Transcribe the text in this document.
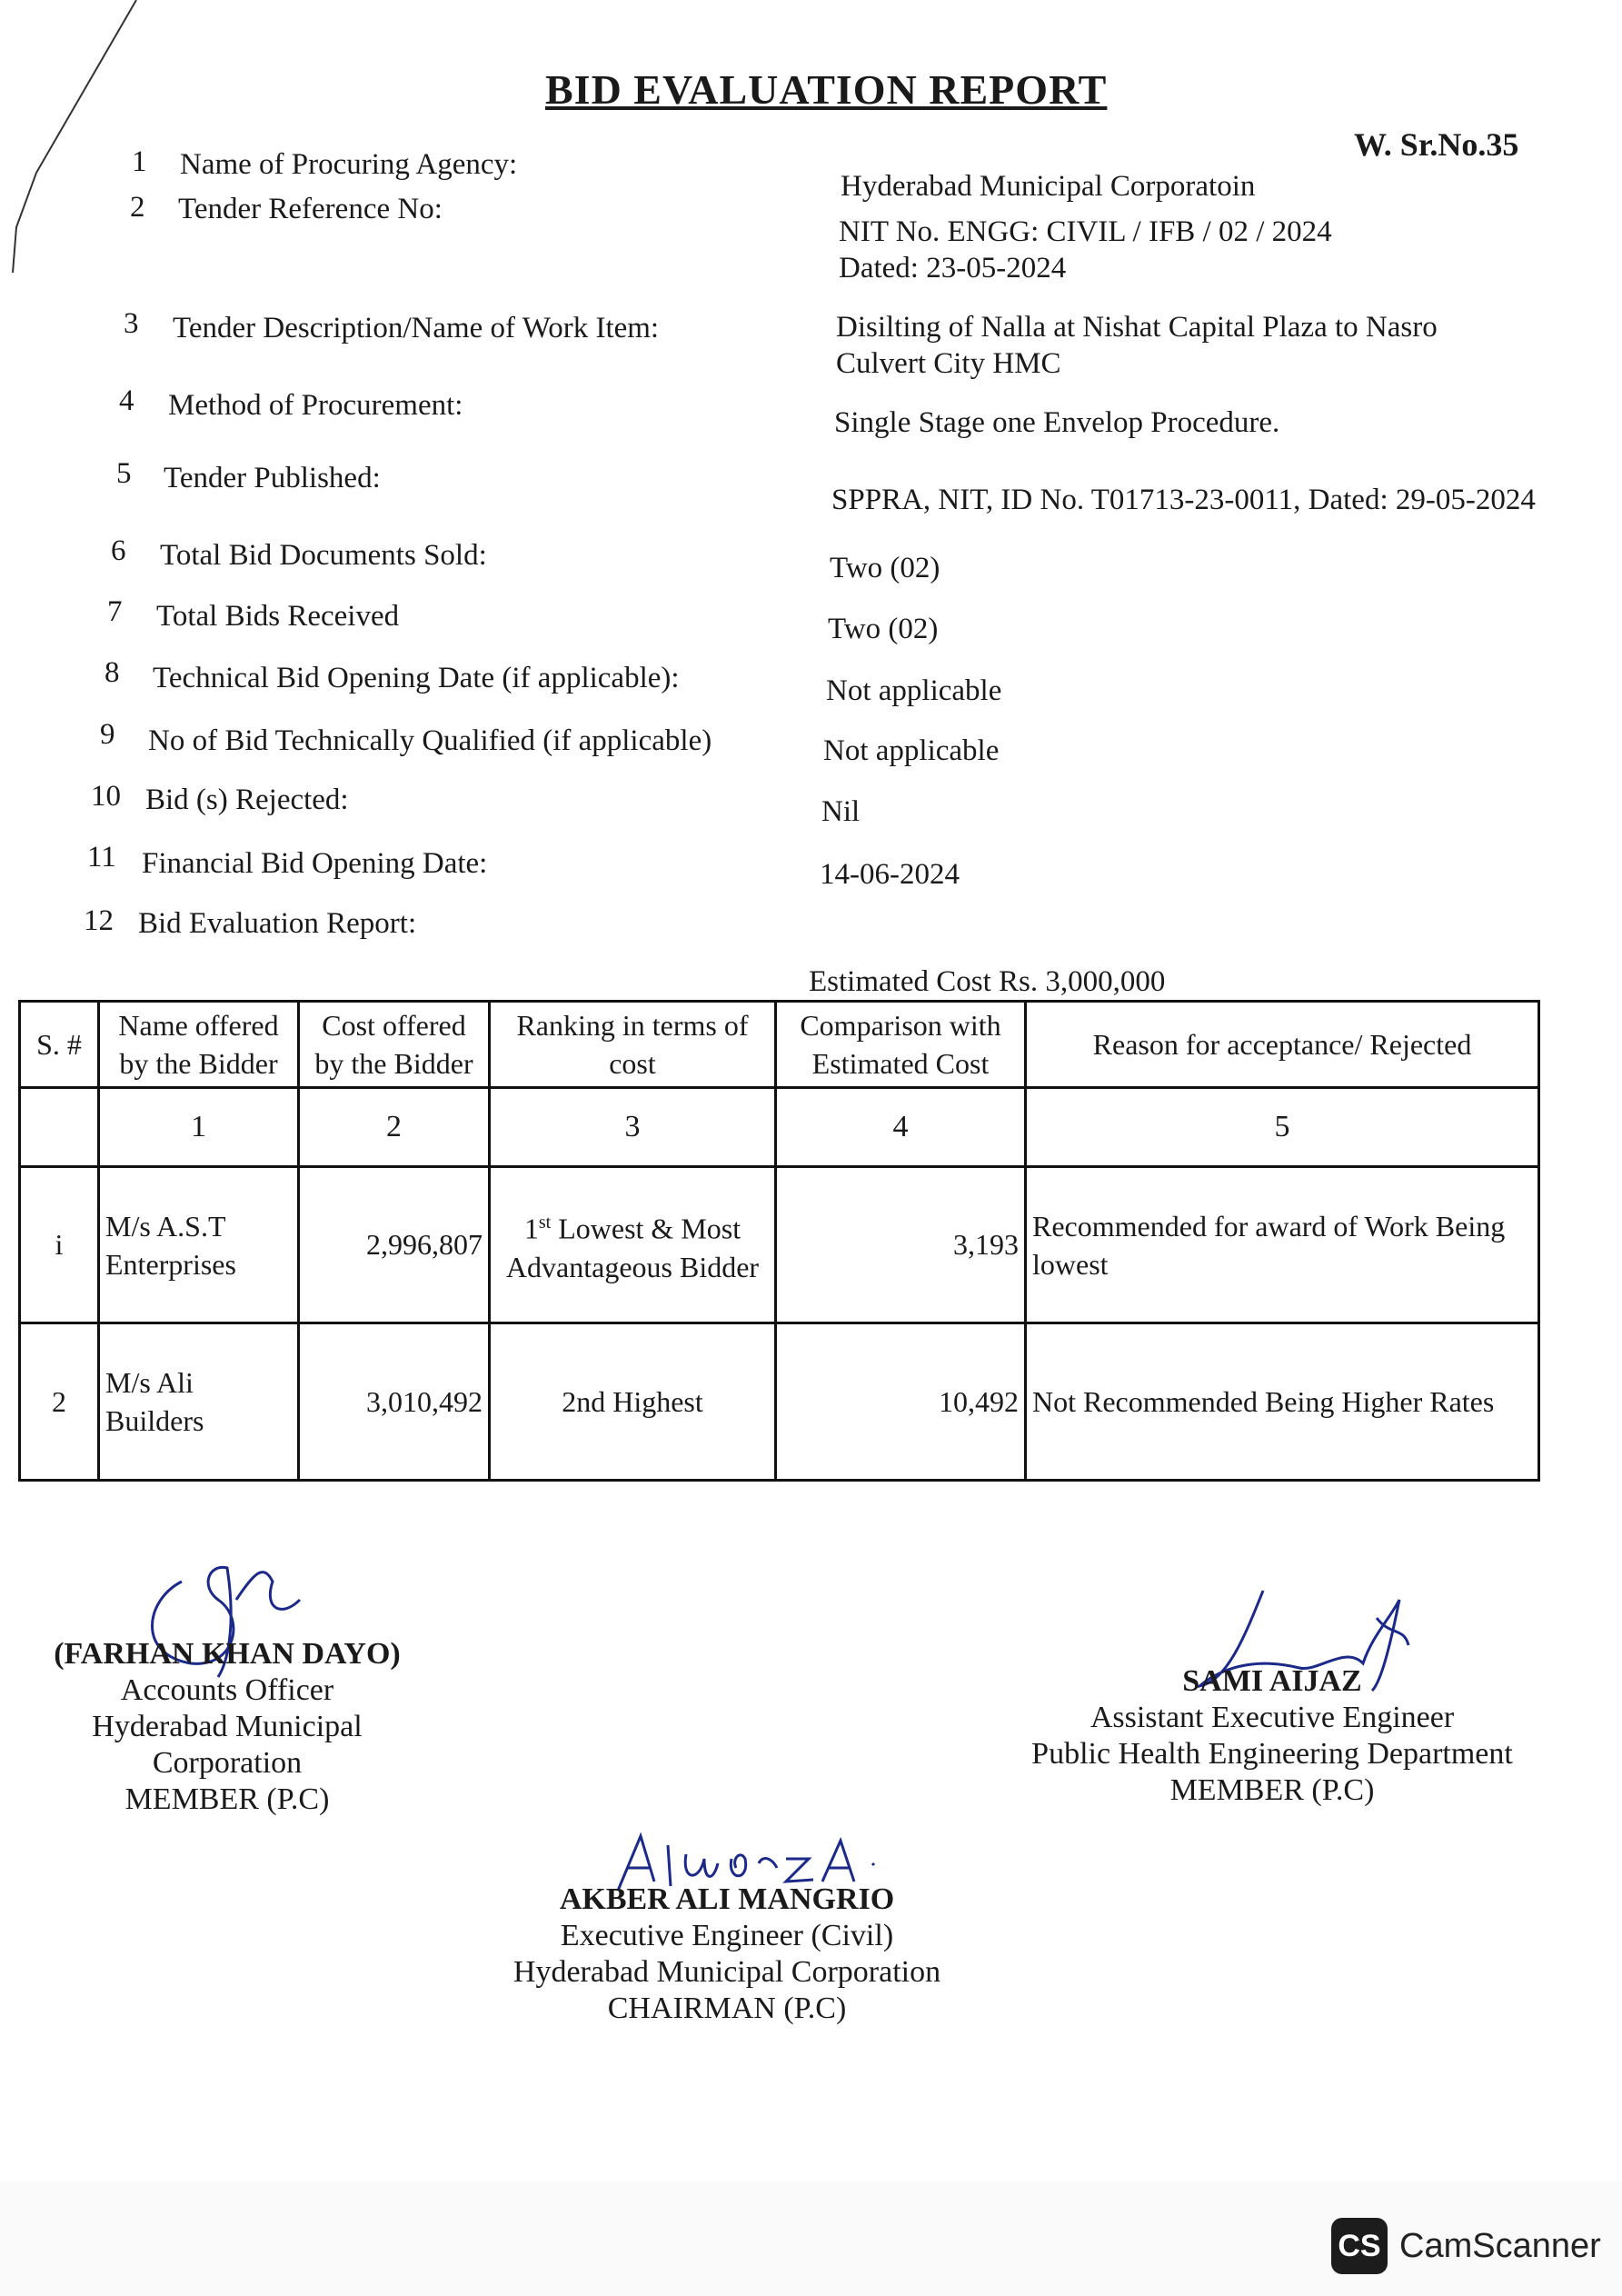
BID EVALUATION REPORT
W. Sr.No.35
1 Name of Procuring Agency:
Hyderabad Municipal Corporatoin
2 Tender Reference No:
NIT No. ENGG: CIVIL / IFB / 02 / 2024
Dated: 23-05-2024
3 Tender Description/Name of Work Item:	Disilting of Nalla at Nishat Capital Plaza to Nasro
Culvert City HMC
4 Method of Procurement:
Single Stage one Envelop Procedure.
5 Tender Published:
SPPRA, NIT, ID No. T01713-23-0011, Dated: 29-05-2024
6 Total Bid Documents Sold:	Two (02)
7 Total Bids Received	Two (02)
8 Technical Bid Opening Date (if applicable):	Not applicable
9 No of Bid Technically Qualified (if applicable)	Not applicable
10 Bid (s) Rejected:	Nil
11 Financial Bid Opening Date:	14-06-2024
12 Bid Evaluation Report:
Estimated Cost Rs. 3,000,000
S. #	Name offered by the Bidder	Cost offered by the Bidder	Ranking in terms of cost	Comparison with Estimated Cost	Reason for acceptance/ Rejected
	1	2	3	4	5
i	M/s A.S.T Enterprises	2,996,807	1st Lowest & Most Advantageous Bidder	3,193	Recommended for award of Work Being lowest
2	M/s Ali Builders	3,010,492	2nd Highest	10,492	Not Recommended Being Higher Rates
(FARHAN KHAN DAYO)
Accounts Officer
Hyderabad Municipal
Corporation
MEMBER (P.C)
SAMI AIJAZ
Assistant Executive Engineer
Public Health Engineering Department
MEMBER (P.C)
AKBER ALI MANGRIO
Executive Engineer (Civil)
Hyderabad Municipal Corporation
CHAIRMAN (P.C)
CS CamScanner
